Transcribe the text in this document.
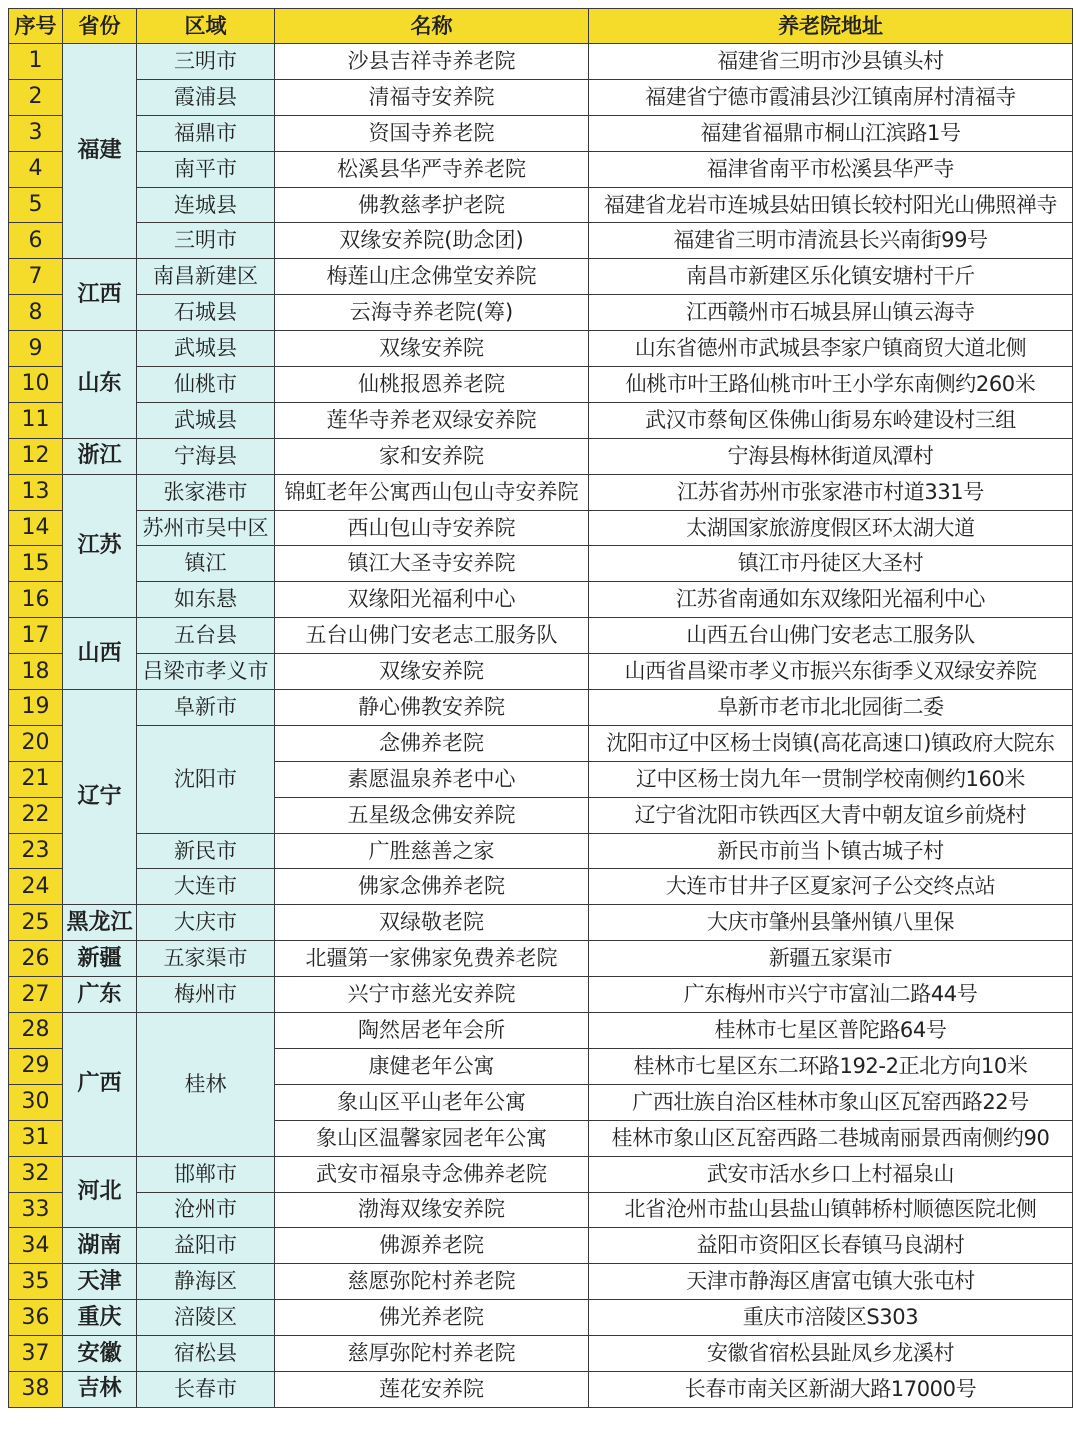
序号	省份	区域	名称	养老院地址
1	福建	三明市	沙县吉祥寺养老院	福建省三明市沙县镇头村
2		霞浦县	清福寺安养院	福建省宁德市霞浦县沙江镇南屏村清福寺
3		福鼎市	资国寺养老院	福建省福鼎市桐山江滨路1号
4		南平市	松溪县华严寺养老院	福津省南平市松溪县华严寺
5		连城县	佛教慈孝护老院	福建省龙岩市连城县姑田镇长较村阳光山佛照禅寺
6		三明市	双缘安养院(助念团)	福建省三明市清流县长兴南街99号
7	江西	南昌新建区	梅莲山庄念佛堂安养院	南昌市新建区乐化镇安塘村干斤
8		石城县	云海寺养老院(筹)	江西赣州市石城县屏山镇云海寺
9	山东	武城县	双缘安养院	山东省德州市武城县李家户镇商贸大道北侧
10		仙桃市	仙桃报恩养老院	仙桃市叶王路仙桃市叶王小学东南侧约260米
11		武城县	莲华寺养老双绿安养院	武汉市蔡甸区侏佛山街易东岭建设村三组
12	浙江	宁海县	家和安养院	宁海县梅林街道凤潭村
13	江苏	张家港市	锦虹老年公寓西山包山寺安养院	江苏省苏州市张家港市村道331号
14		苏州市吴中区	西山包山寺安养院	太湖国家旅游度假区环太湖大道
15		镇江	镇江大圣寺安养院	镇江市丹徒区大圣村
16		如东悬	双缘阳光福利中心	江苏省南通如东双缘阳光福利中心
17	山西	五台县	五台山佛门安老志工服务队	山西五台山佛门安老志工服务队
18		吕梁市孝义市	双缘安养院	山西省昌梁市孝义市振兴东街季义双绿安养院
19	辽宁	阜新市	静心佛教安养院	阜新市老市北北园街二委
20		沈阳市	念佛养老院	沈阳市辽中区杨士岗镇(高花高速口)镇政府大院东
21			素愿温泉养老中心	辽中区杨士岗九年一贯制学校南侧约160米
22			五星级念佛安养院	辽宁省沈阳市铁西区大青中朝友谊乡前烧村
23		新民市	广胜慈善之家	新民市前当卜镇古城子村
24		大连市	佛家念佛养老院	大连市甘井子区夏家河子公交终点站
25	黑龙江	大庆市	双绿敬老院	大庆市肇州县肇州镇八里保
26	新疆	五家渠市	北疆第一家佛家免费养老院	新疆五家渠市
27	广东	梅州市	兴宁市慈光安养院	广东梅州市兴宁市富汕二路44号
28	广西	桂林	陶然居老年会所	桂林市七星区普陀路64号
29			康健老年公寓	桂林市七星区东二环路192-2正北方向10米
30			象山区平山老年公寓	广西壮族自治区桂林市象山区瓦窑西路22号
31			象山区温馨家园老年公寓	桂林市象山区瓦窑西路二巷城南丽景西南侧约90
32	河北	邯郸市	武安市福泉寺念佛养老院	武安市活水乡口上村福泉山
33		沧州市	渤海双缘安养院	北省沧州市盐山县盐山镇韩桥村顺德医院北侧
34	湖南	益阳市	佛源养老院	益阳市资阳区长春镇马良湖村
35	天津	静海区	慈愿弥陀村养老院	天津市静海区唐富屯镇大张屯村
36	重庆	涪陵区	佛光养老院	重庆市涪陵区S303
37	安徽	宿松县	慈厚弥陀村养老院	安徽省宿松县趾凤乡龙溪村
38	吉林	长春市	莲花安养院	长春市南关区新湖大路17000号
